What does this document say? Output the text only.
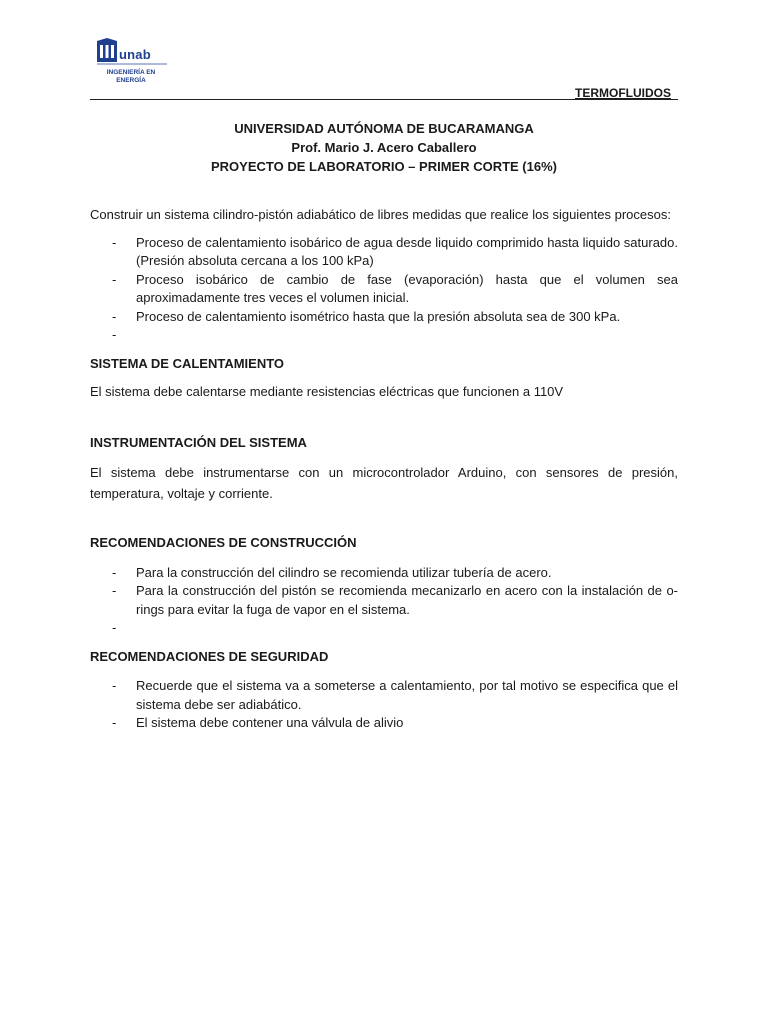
unab
INGENIERÍA EN ENERGÍA
TERMOFLUIDOS
UNIVERSIDAD AUTÓNOMA DE BUCARAMANGA
Prof. Mario J. Acero Caballero
PROYECTO DE LABORATORIO – PRIMER CORTE (16%)

Construir un sistema cilindro-pistón adiabático de libres medidas que realice los siguientes procesos:

- Proceso de calentamiento isobárico de agua desde liquido comprimido hasta liquido saturado. (Presión absoluta cercana a los 100 kPa)
- Proceso isobárico de cambio de fase (evaporación) hasta que el volumen sea aproximadamente tres veces el volumen inicial.
- Proceso de calentamiento isométrico hasta que la presión absoluta sea de 300 kPa.
-

SISTEMA DE CALENTAMIENTO

El sistema debe calentarse mediante resistencias eléctricas que funcionen a 110V

INSTRUMENTACIÓN DEL SISTEMA

El sistema debe instrumentarse con un microcontrolador Arduino, con sensores de presión, temperatura, voltaje y corriente.

RECOMENDACIONES DE CONSTRUCCIÓN

- Para la construcción del cilindro se recomienda utilizar tubería de acero.
- Para la construcción del pistón se recomienda mecanizarlo en acero con la instalación de o-rings para evitar la fuga de vapor en el sistema.
-

RECOMENDACIONES DE SEGURIDAD

- Recuerde que el sistema va a someterse a calentamiento, por tal motivo se especifica que el sistema debe ser adiabático.
- El sistema debe contener una válvula de alivio
